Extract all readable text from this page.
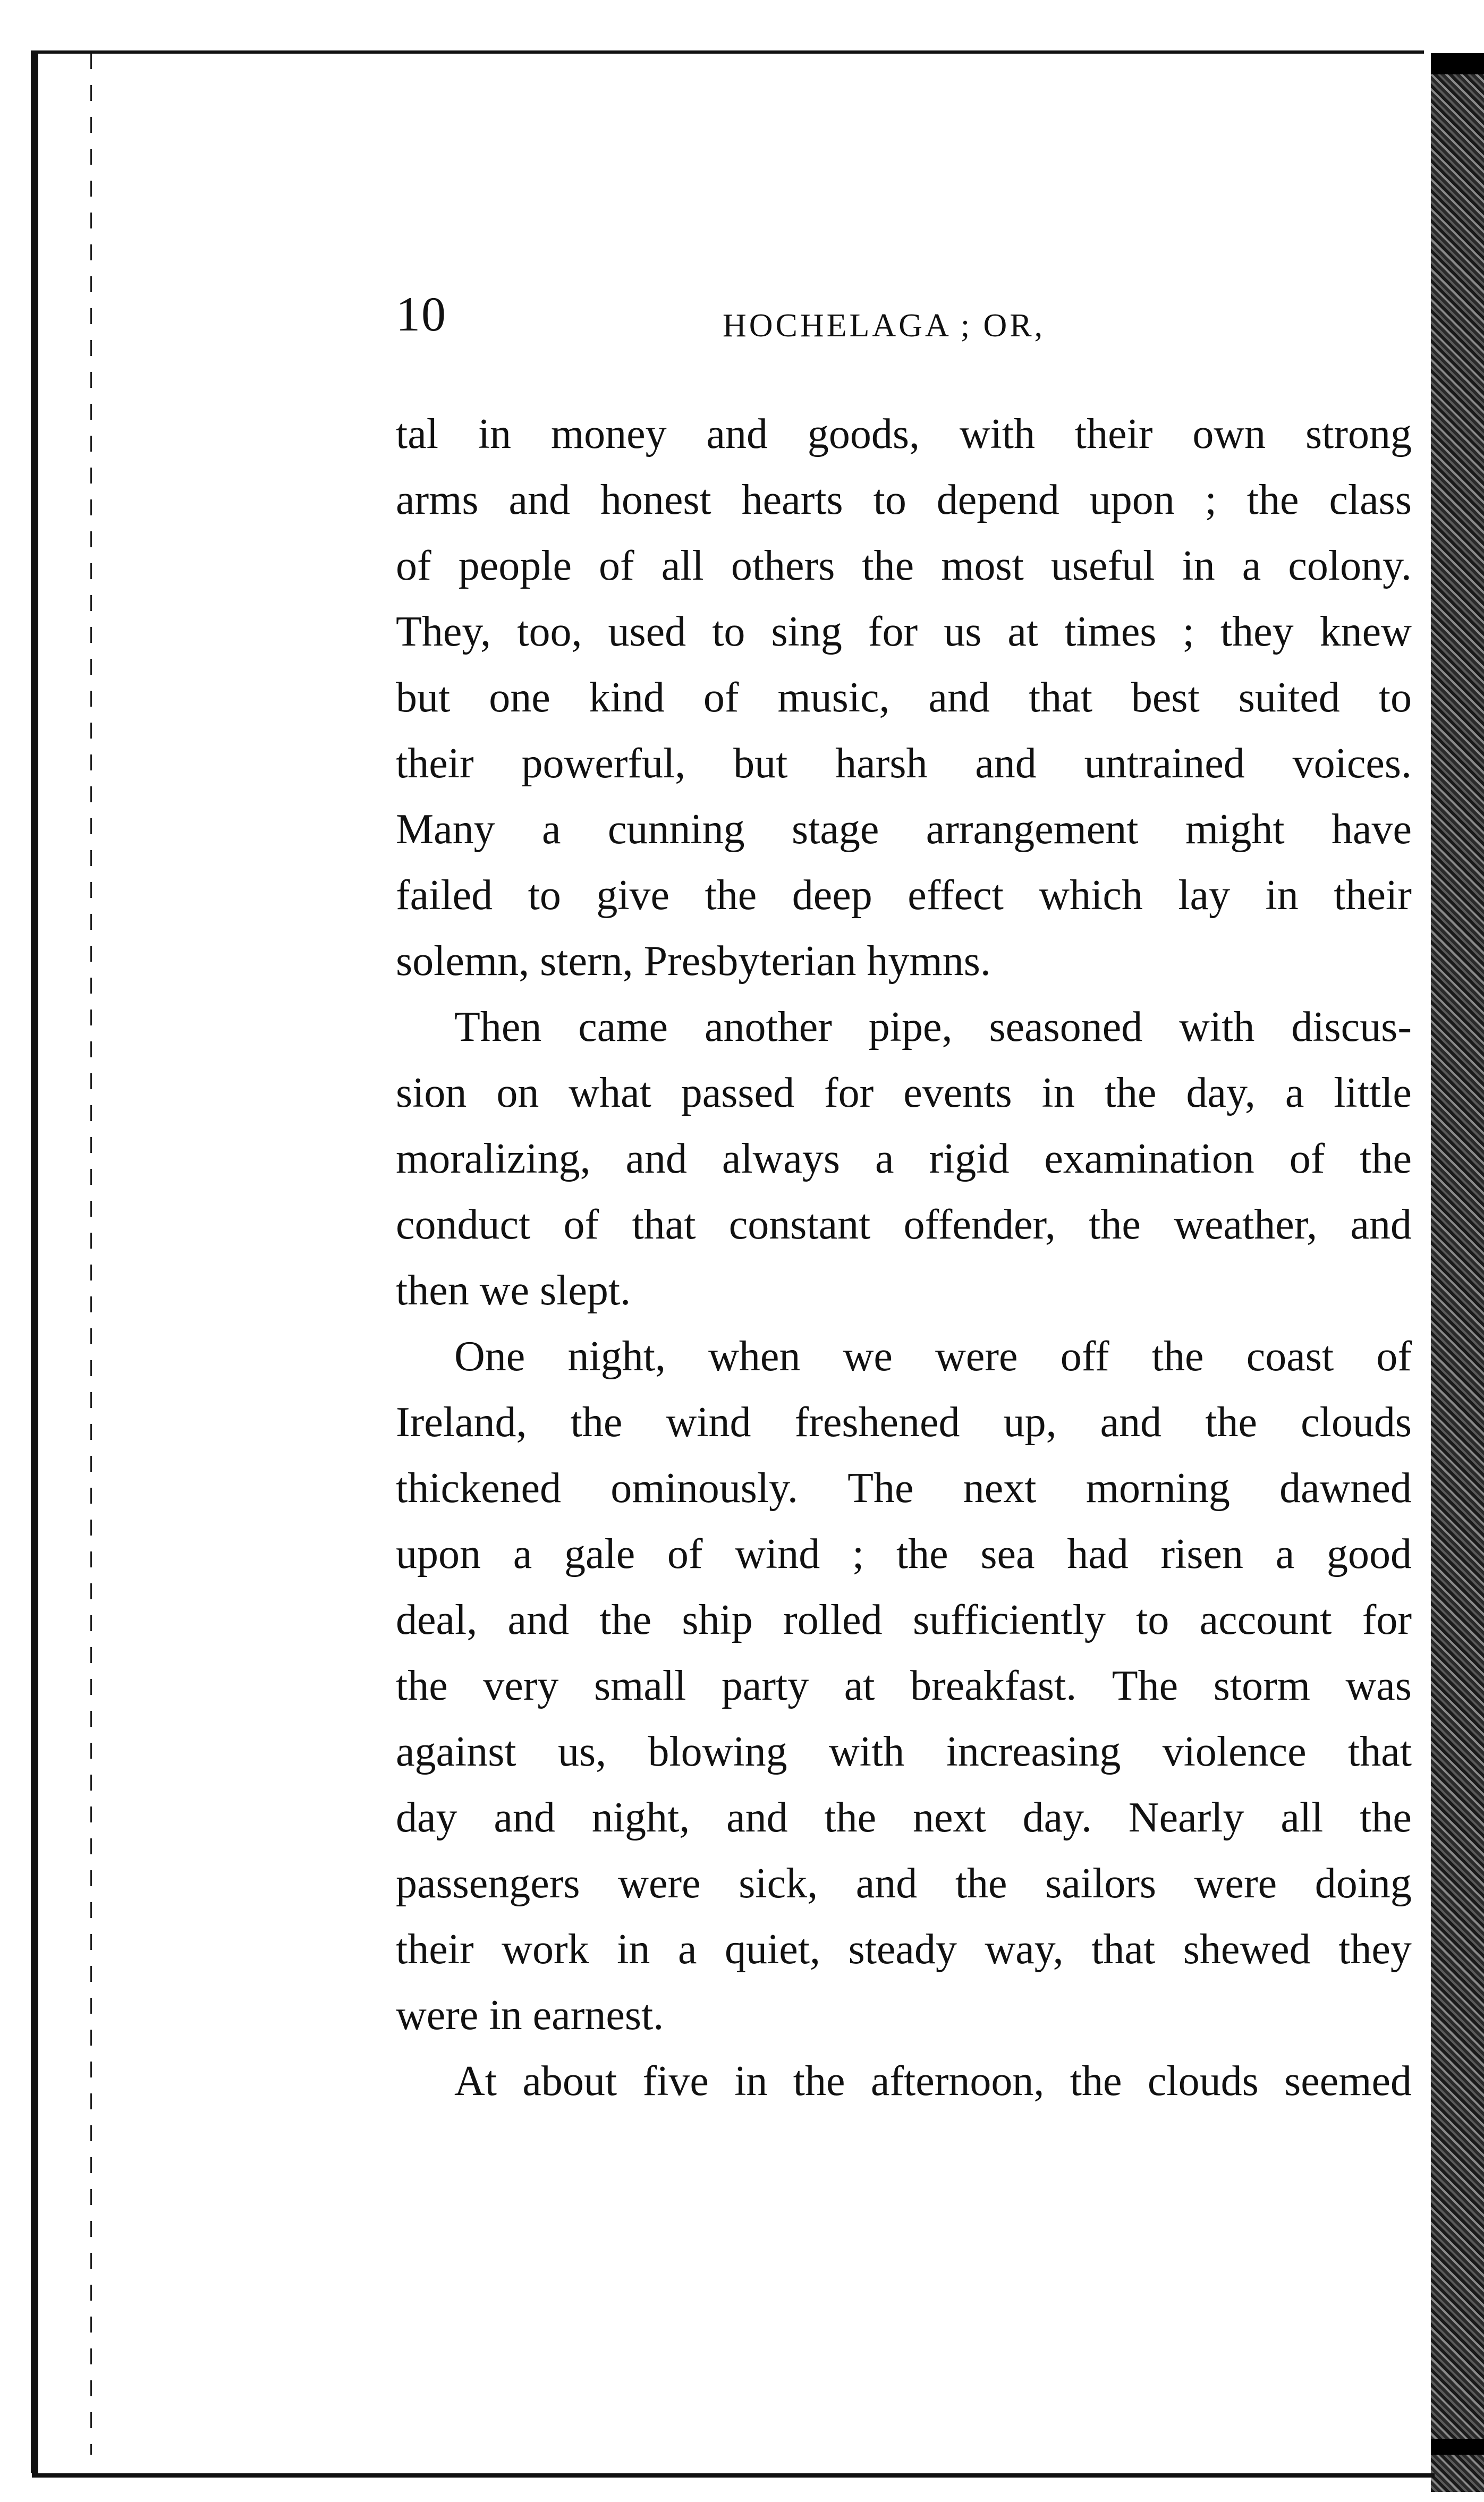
10	HOCHELAGA ; OR,
tal in money and goods, with their own strong
arms and honest hearts to depend upon ; the class
of people of all others the most useful in a colony.
They, too, used to sing for us at times ; they knew
but one kind of music, and that best suited to
their powerful, but harsh and untrained voices.
Many a cunning stage arrangement might have
failed to give the deep effect which lay in their
solemn, stern, Presbyterian hymns.
Then came another pipe, seasoned with discus-
sion on what passed for events in the day, a little
moralizing, and always a rigid examination of the
conduct of that constant offender, the weather, and
then we slept.
One night, when we were off the coast of
Ireland, the wind freshened up, and the clouds
thickened ominously. The next morning dawned
upon a gale of wind ; the sea had risen a good
deal, and the ship rolled sufficiently to account for
the very small party at breakfast. The storm was
against us, blowing with increasing violence that
day and night, and the next day. Nearly all the
passengers were sick, and the sailors were doing
their work in a quiet, steady way, that shewed they
were in earnest.
At about five in the afternoon, the clouds seemed
